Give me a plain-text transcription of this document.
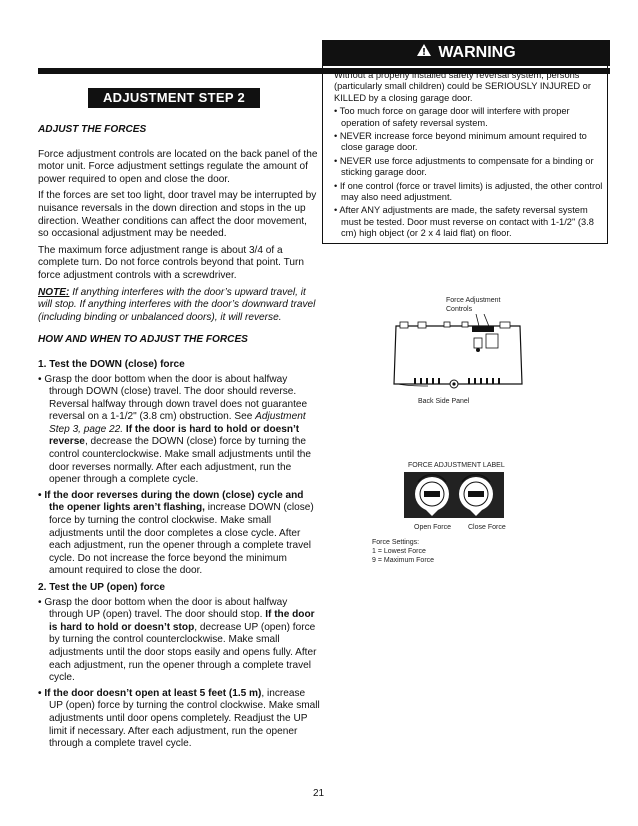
ADJUSTMENT STEP 2

ADJUST THE FORCES

Force adjustment controls are located on the back panel of the motor unit. Force adjustment settings regulate the amount of power required to open and close the door.

If the forces are set too light, door travel may be interrupted by nuisance reversals in the down direction and stops in the up direction. Weather conditions can affect the door movement, so occasional adjustment may be needed.

The maximum force adjustment range is about 3/4 of a complete turn. Do not force controls beyond that point. Turn force adjustment controls with a screwdriver.

NOTE: If anything interferes with the door’s upward travel, it will stop. If anything interferes with the door’s downward travel (including binding or unbalanced doors), it will reverse.

HOW AND WHEN TO ADJUST THE FORCES

1. Test the DOWN (close) force

• Grasp the door bottom when the door is about halfway through DOWN (close) travel. The door should reverse. Reversal halfway through down travel does not guarantee reversal on a 1-1/2" (3.8 cm) obstruction. See Adjustment Step 3, page 22. If the door is hard to hold or doesn’t reverse, decrease the DOWN (close) force by turning the control counterclockwise. Make small adjustments until the door reverses normally. After each adjustment, run the opener through a complete cycle.

• If the door reverses during the down (close) cycle and the opener lights aren’t flashing, increase DOWN (close) force by turning the control clockwise. Make small adjustments until the door completes a close cycle. After each adjustment, run the opener through a complete travel cycle. Do not increase the force beyond the minimum amount required to close the door.

2. Test the UP (open) force

• Grasp the door bottom when the door is about halfway through UP (open) travel. The door should stop. If the door is hard to hold or doesn’t stop, decrease UP (open) force by turning the control counterclockwise. Make small adjustments until the door stops easily and opens fully. After each adjustment, run the opener through a complete travel cycle.

• If the door doesn’t open at least 5 feet (1.5 m), increase UP (open) force by turning the control clockwise. Make small adjustments until door opens completely. Readjust the UP limit if necessary. After each adjustment, run the opener through a complete travel cycle.

WARNING

Without a properly installed safety reversal system, persons (particularly small children) could be SERIOUSLY INJURED or KILLED by a closing garage door.

• Too much force on garage door will interfere with proper operation of safety reversal system.

• NEVER increase force beyond minimum amount required to close garage door.

• NEVER use force adjustments to compensate for a binding or sticking garage door.

• If one control (force or travel limits) is adjusted, the other control may also need adjustment.

• After ANY adjustments are made, the safety reversal system must be tested. Door must reverse on contact with 1-1/2" (3.8 cm) high object (or 2 x 4 laid flat) on floor.

Force Adjustment
Controls
Back Side Panel
FORCE ADJUSTMENT LABEL
Open Force Close Force
Force Settings:
1 = Lowest Force
9 = Maximum Force
21
